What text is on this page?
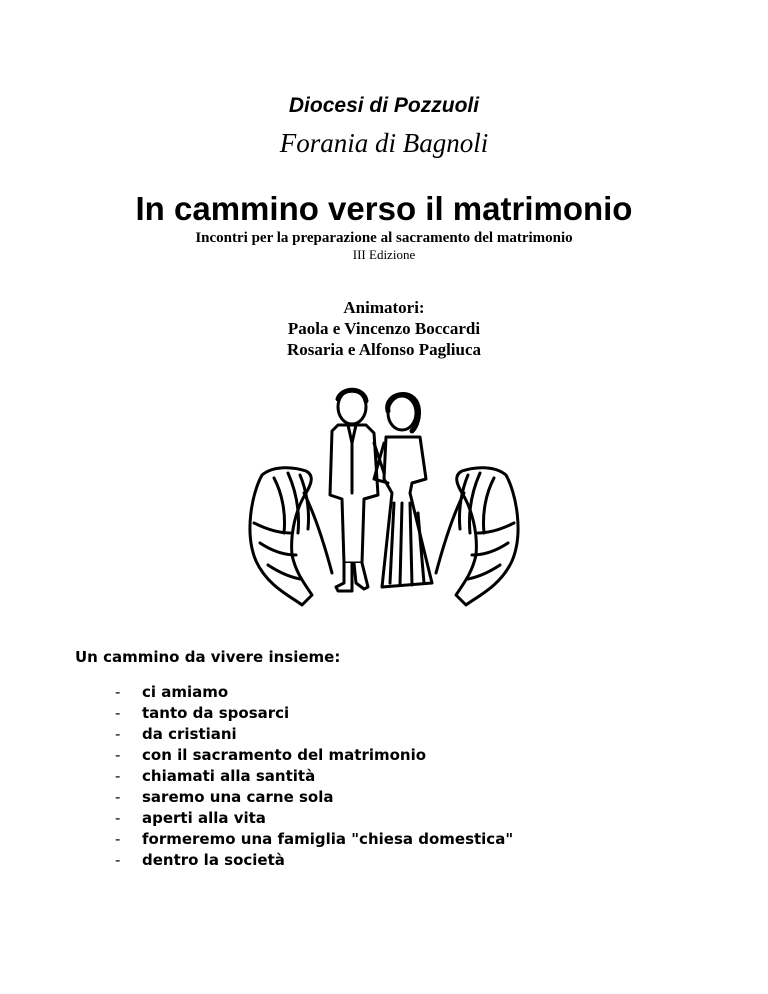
Diocesi di Pozzuoli
Forania di Bagnoli
In cammino verso il matrimonio
Incontri per la preparazione al sacramento del matrimonio
III Edizione
Animatori:
Paola e Vincenzo Boccardi
Rosaria e Alfonso Pagliuca
Un cammino da vivere insieme:
- ci amiamo
- tanto da sposarci
- da cristiani
- con il sacramento del matrimonio
- chiamati alla santità
- saremo una carne sola
- aperti alla vita
- formeremo una famiglia "chiesa domestica"
- dentro la società
